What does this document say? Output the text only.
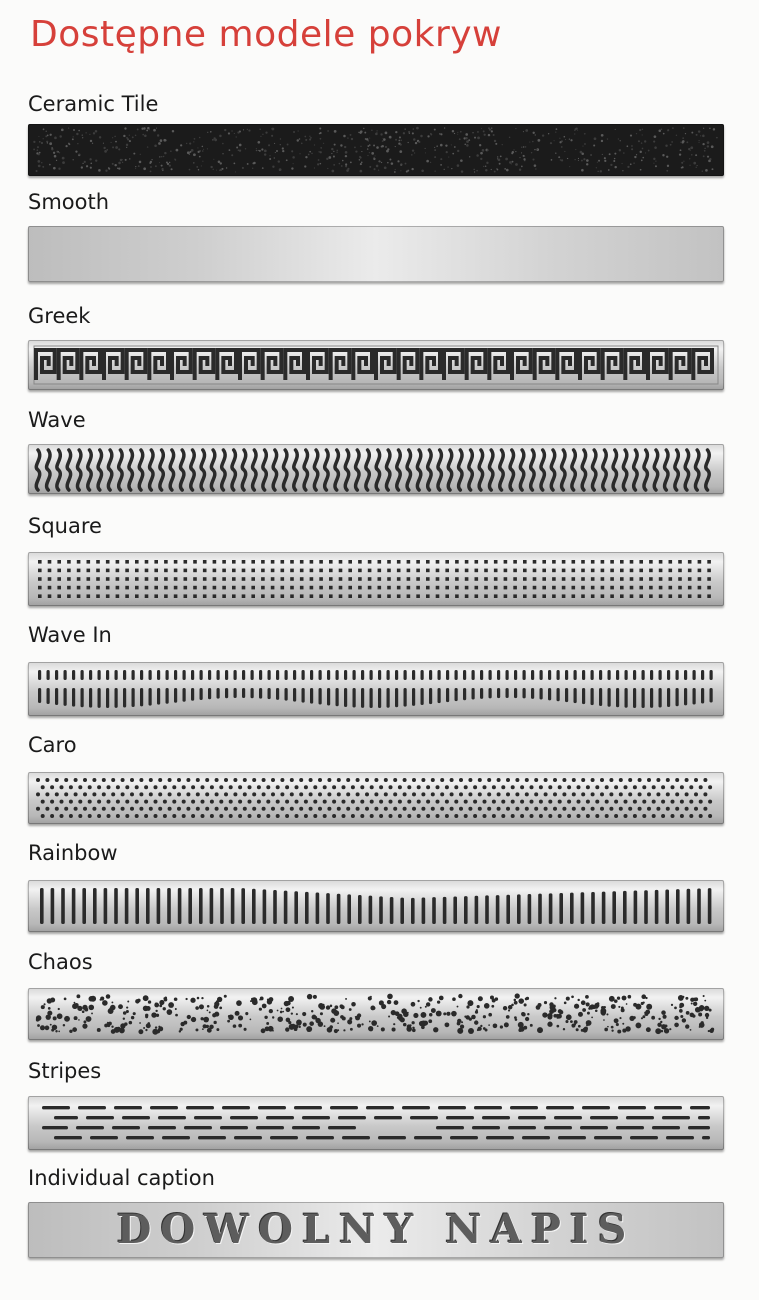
Dostępne modele pokryw
Ceramic Tile
Smooth
Greek
Wave
Square
Wave In
Caro
Rainbow
Chaos
Stripes
Individual caption
DOWOLNY NAPIS
